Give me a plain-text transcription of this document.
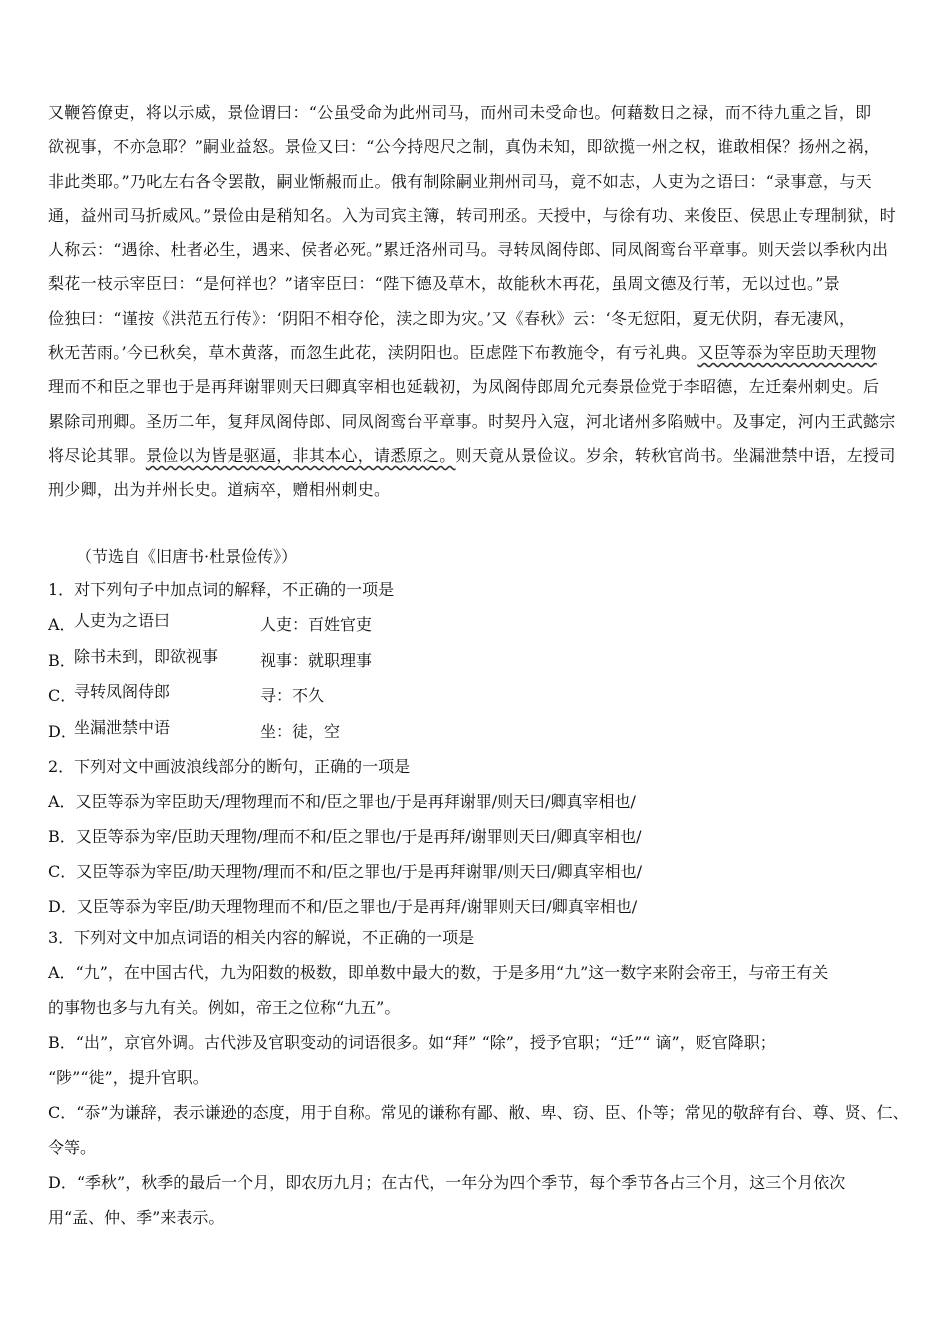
又鞭笞僚吏，将以示威，景俭谓曰：“公虽受命为此州司马，而州司未受命也。何藉数日之禄，而不待九重之旨，即
欲视事，不亦急耶？”嗣业益怒。景俭又曰：“公今持咫尺之制，真伪未知，即欲揽一州之权，谁敢相保？扬州之祸，
非此类耶。”乃叱左右各令罢散，嗣业惭赧而止。俄有制除嗣业荆州司马，竟不如志，人吏为之语曰：“录事意，与天
通，益州司马折威风。”景俭由是稍知名。入为司宾主簿，转司刑丞。天授中，与徐有功、来俊臣、侯思止专理制狱，时
人称云：“遇徐、杜者必生，遇来、侯者必死。”累迁洛州司马。寻转凤阁侍郎、同凤阁鸾台平章事。则天尝以季秋内出
梨花一枝示宰臣曰：“是何祥也？”诸宰臣曰：“陛下德及草木，故能秋木再花，虽周文德及行苇，无以过也。”景
俭独曰：“谨按《洪范五行传》：‘阴阳不相夺伦，渎之即为灾。’又《春秋》云：‘冬无愆阳，夏无伏阴，春无凄风，
秋无苦雨。’今已秋矣，草木黄落，而忽生此花，渎阴阳也。臣虑陛下布教施令，有亏礼典。又臣等忝为宰臣助天理物
理而不和臣之罪也于是再拜谢罪则天曰卿真宰相也延载初，为凤阁侍郎周允元奏景俭党于李昭德，左迁秦州刺史。后
累除司刑卿。圣历二年，复拜凤阁侍郎、同凤阁鸾台平章事。时契丹入寇，河北诸州多陷贼中。及事定，河内王武懿宗
将尽论其罪。景俭以为皆是驱逼，非其本心，请悉原之。则天竟从景俭议。岁余，转秋官尚书。坐漏泄禁中语，左授司
刑少卿，出为并州长史。道病卒，赠相州刺史。
（节选自《旧唐书·杜景俭传》）
1．对下列句子中加点词的解释，不正确的一项是
A．
人吏为之语曰	人吏：百姓官吏
B．
除书未到，即欲视事	视事：就职理事
C．
寻转凤阁侍郎	寻：不久
D．
坐漏泄禁中语	坐：徒，空
2．下列对文中画波浪线部分的断句，正确的一项是
A．又臣等忝为宰臣助天/理物理而不和/臣之罪也/于是再拜谢罪/则天曰/卿真宰相也/
B．又臣等忝为宰/臣助天理物/理而不和/臣之罪也/于是再拜/谢罪则天曰/卿真宰相也/
C．又臣等忝为宰臣/助天理物/理而不和/臣之罪也/于是再拜谢罪/则天曰/卿真宰相也/
D．又臣等忝为宰臣/助天理物理而不和/臣之罪也/于是再拜/谢罪则天曰/卿真宰相也/
3．下列对文中加点词语的相关内容的解说，不正确的一项是
A．“九”，在中国古代，九为阳数的极数，即单数中最大的数，于是多用“九”这一数字来附会帝王，与帝王有关
的事物也多与九有关。例如，帝王之位称“九五”。
B．“出”，京官外调。古代涉及官职变动的词语很多。如“拜” “除”，授予官职；“迁”“ 谪”，贬官降职；
“陟”“徙”，提升官职。
C．“忝”为谦辞，表示谦逊的态度，用于自称。常见的谦称有鄙、敝、卑、窃、臣、仆等；常见的敬辞有台、尊、贤、仁、
令等。
D．“季秋”，秋季的最后一个月，即农历九月；在古代，一年分为四个季节，每个季节各占三个月，这三个月依次
用“孟、仲、季”来表示。
